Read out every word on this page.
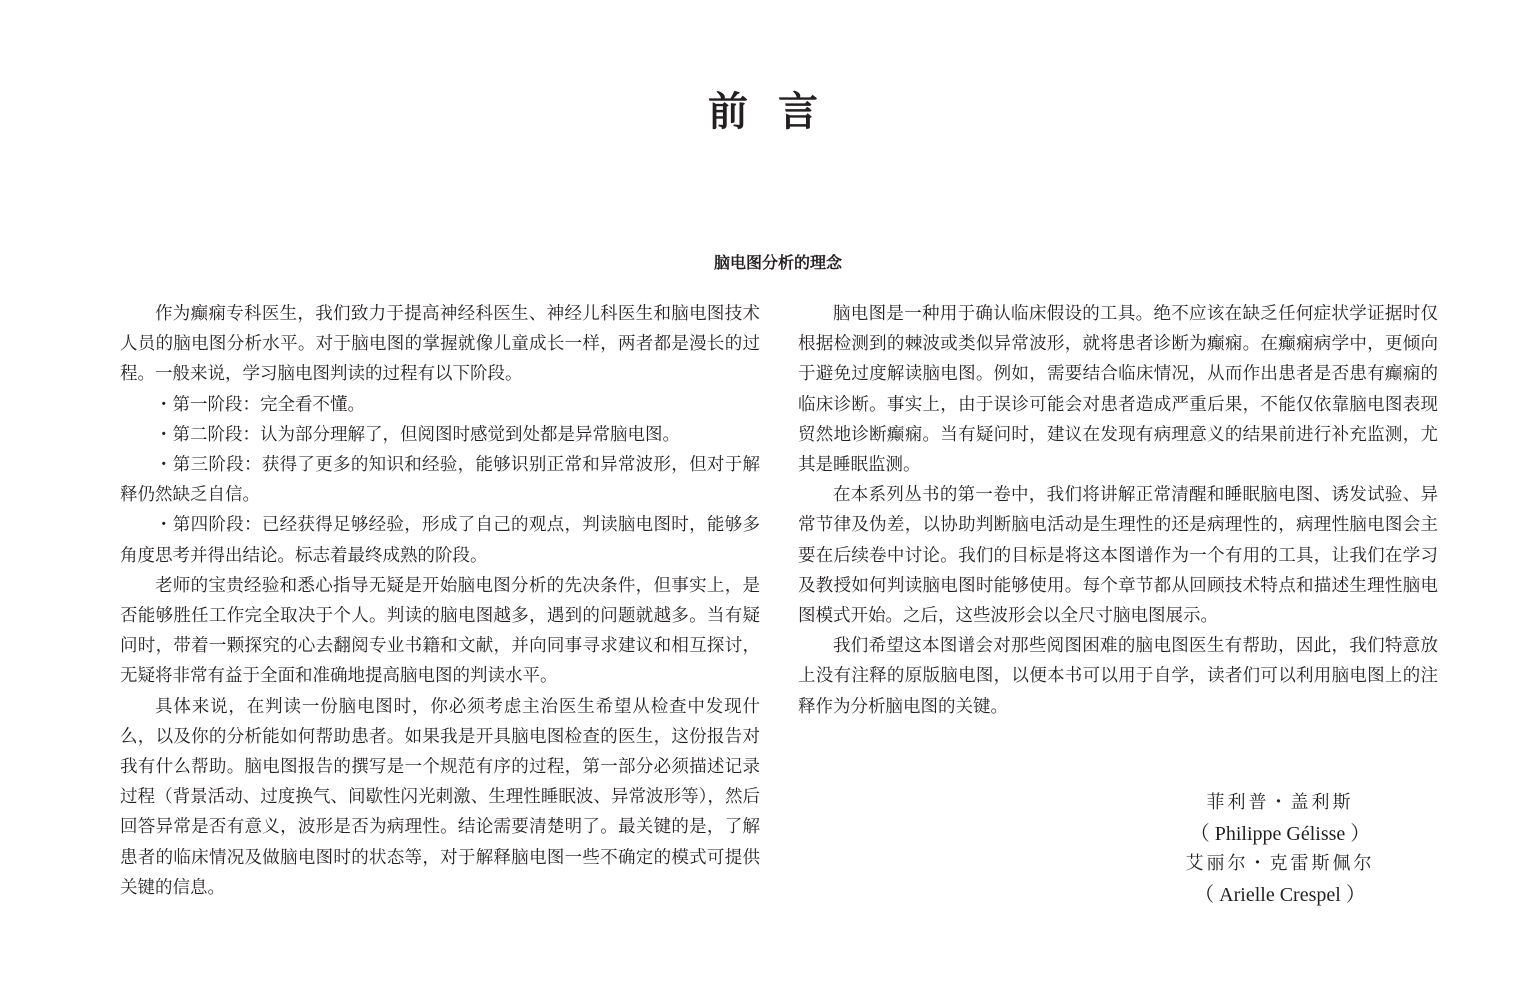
前言
脑电图分析的理念

作为癫痫专科医生，我们致力于提高神经科医生、神经儿科医生和脑电图技术人员的脑电图分析水平。对于脑电图的掌握就像儿童成长一样，两者都是漫长的过程。一般来说，学习脑电图判读的过程有以下阶段。

・第一阶段：完全看不懂。

・第二阶段：认为部分理解了，但阅图时感觉到处都是异常脑电图。

・第三阶段：获得了更多的知识和经验，能够识别正常和异常波形，但对于解释仍然缺乏自信。

・第四阶段：已经获得足够经验，形成了自己的观点，判读脑电图时，能够多角度思考并得出结论。标志着最终成熟的阶段。

老师的宝贵经验和悉心指导无疑是开始脑电图分析的先决条件，但事实上，是否能够胜任工作完全取决于个人。判读的脑电图越多，遇到的问题就越多。当有疑问时，带着一颗探究的心去翻阅专业书籍和文献，并向同事寻求建议和相互探讨，无疑将非常有益于全面和准确地提高脑电图的判读水平。

具体来说，在判读一份脑电图时，你必须考虑主治医生希望从检查中发现什么，以及你的分析能如何帮助患者。如果我是开具脑电图检查的医生，这份报告对我有什么帮助。脑电图报告的撰写是一个规范有序的过程，第一部分必须描述记录过程（背景活动、过度换气、间歇性闪光刺激、生理性睡眠波、异常波形等），然后回答异常是否有意义，波形是否为病理性。结论需要清楚明了。最关键的是，了解患者的临床情况及做脑电图时的状态等，对于解释脑电图一些不确定的模式可提供关键的信息。

脑电图是一种用于确认临床假设的工具。绝不应该在缺乏任何症状学证据时仅根据检测到的棘波或类似异常波形，就将患者诊断为癫痫。在癫痫病学中，更倾向于避免过度解读脑电图。例如，需要结合临床情况，从而作出患者是否患有癫痫的临床诊断。事实上，由于误诊可能会对患者造成严重后果，不能仅依靠脑电图表现贸然地诊断癫痫。当有疑问时，建议在发现有病理意义的结果前进行补充监测，尤其是睡眠监测。

在本系列丛书的第一卷中，我们将讲解正常清醒和睡眠脑电图、诱发试验、异常节律及伪差，以协助判断脑电活动是生理性的还是病理性的，病理性脑电图会主要在后续卷中讨论。我们的目标是将这本图谱作为一个有用的工具，让我们在学习及教授如何判读脑电图时能够使用。每个章节都从回顾技术特点和描述生理性脑电图模式开始。之后，这些波形会以全尺寸脑电图展示。

我们希望这本图谱会对那些阅图困难的脑电图医生有帮助，因此，我们特意放上没有注释的原版脑电图，以便本书可以用于自学，读者们可以利用脑电图上的注释作为分析脑电图的关键。

菲利普・盖利斯
（ Philippe Gélisse ）
艾丽尔・克雷斯佩尔
（ Arielle Crespel ）
